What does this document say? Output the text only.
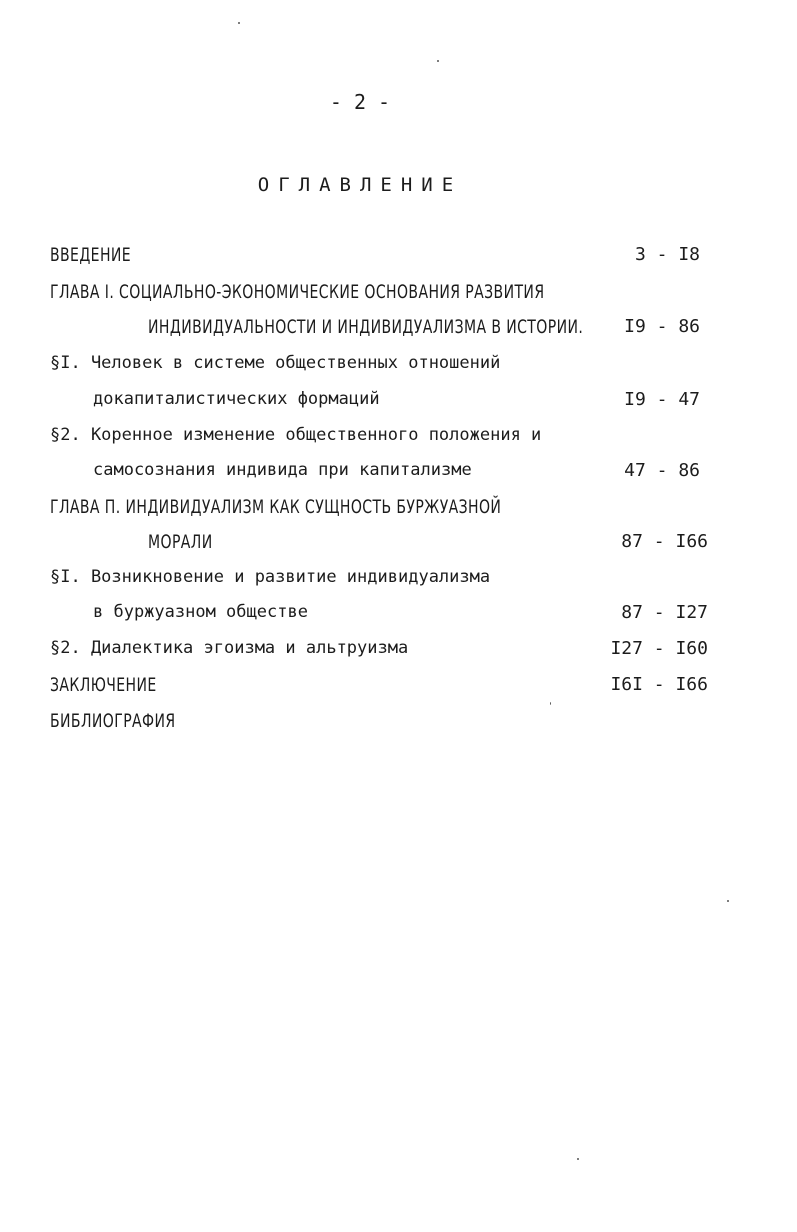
- 2 -
ОГЛАВЛЕНИЕ
ВВЕДЕНИЕ	3 - I8
ГЛАВА I. СОЦИАЛЬНО-ЭКОНОМИЧЕСКИЕ ОСНОВАНИЯ РАЗВИТИЯ
ИНДИВИДУАЛЬНОСТИ И ИНДИВИДУАЛИЗМА В ИСТОРИИ. I9 - 86
§I. Человек в системе общественных отношений
докапиталистических формаций	I9 - 47
§2. Коренное изменение общественного положения и
самосознания индивида при капитализме	47 - 86
ГЛАВА П. ИНДИВИДУАЛИЗМ КАК СУЩНОСТЬ БУРЖУАЗНОЙ
МОРАЛИ	87 - I66
§I. Возникновение и развитие индивидуализма
в буржуазном обществе	87 - I27
§2. Диалектика эгоизма и альтруизма	I27 - I60
ЗАКЛЮЧЕНИЕ	I6I - I66
БИБЛИОГРАФИЯ
